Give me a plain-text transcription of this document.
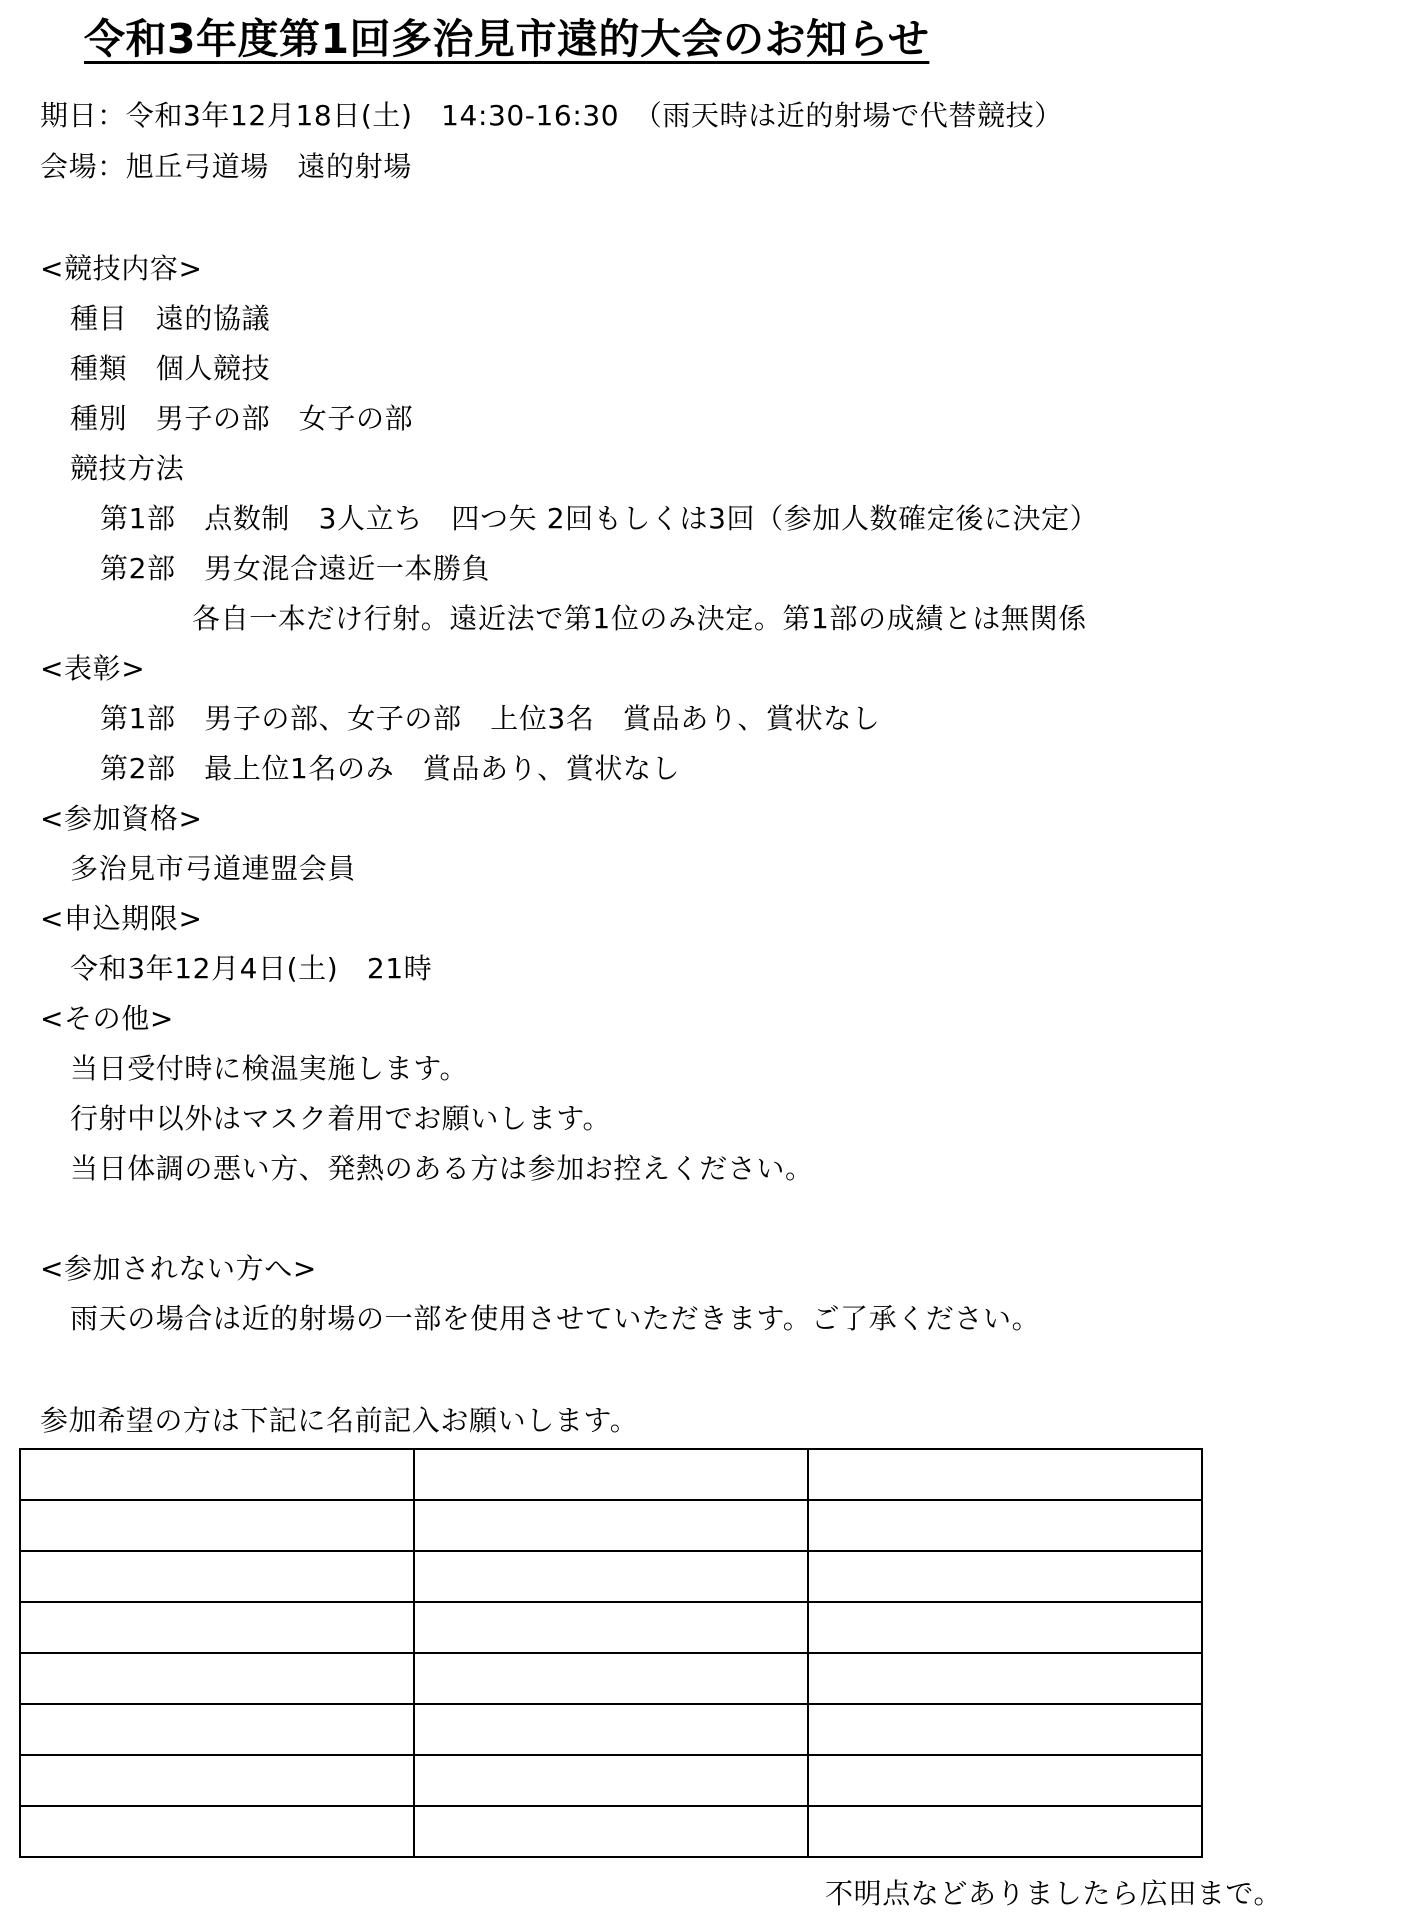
令和3年度第1回多治見市遠的大会のお知らせ
期日：令和3年12月18日(土)　14:30-16:30　（雨天時は近的射場で代替競技）
会場：旭丘弓道場　遠的射場
<競技内容>
種目　遠的協議
種類　個人競技
種別　男子の部　女子の部
競技方法
第1部　点数制　3人立ち　四つ矢 2回もしくは3回（参加人数確定後に決定）
第2部　男女混合遠近一本勝負
各自一本だけ行射。遠近法で第1位のみ決定。第1部の成績とは無関係
<表彰>
第1部　男子の部、女子の部　上位3名　賞品あり、賞状なし
第2部　最上位1名のみ　賞品あり、賞状なし
<参加資格>
多治見市弓道連盟会員
<申込期限>
令和3年12月4日(土)　21時
<その他>
当日受付時に検温実施します。
行射中以外はマスク着用でお願いします。
当日体調の悪い方、発熱のある方は参加お控えください。
<参加されない方へ>
雨天の場合は近的射場の一部を使用させていただきます。ご了承ください。
参加希望の方は下記に名前記入お願いします。

不明点などありましたら広田まで。
